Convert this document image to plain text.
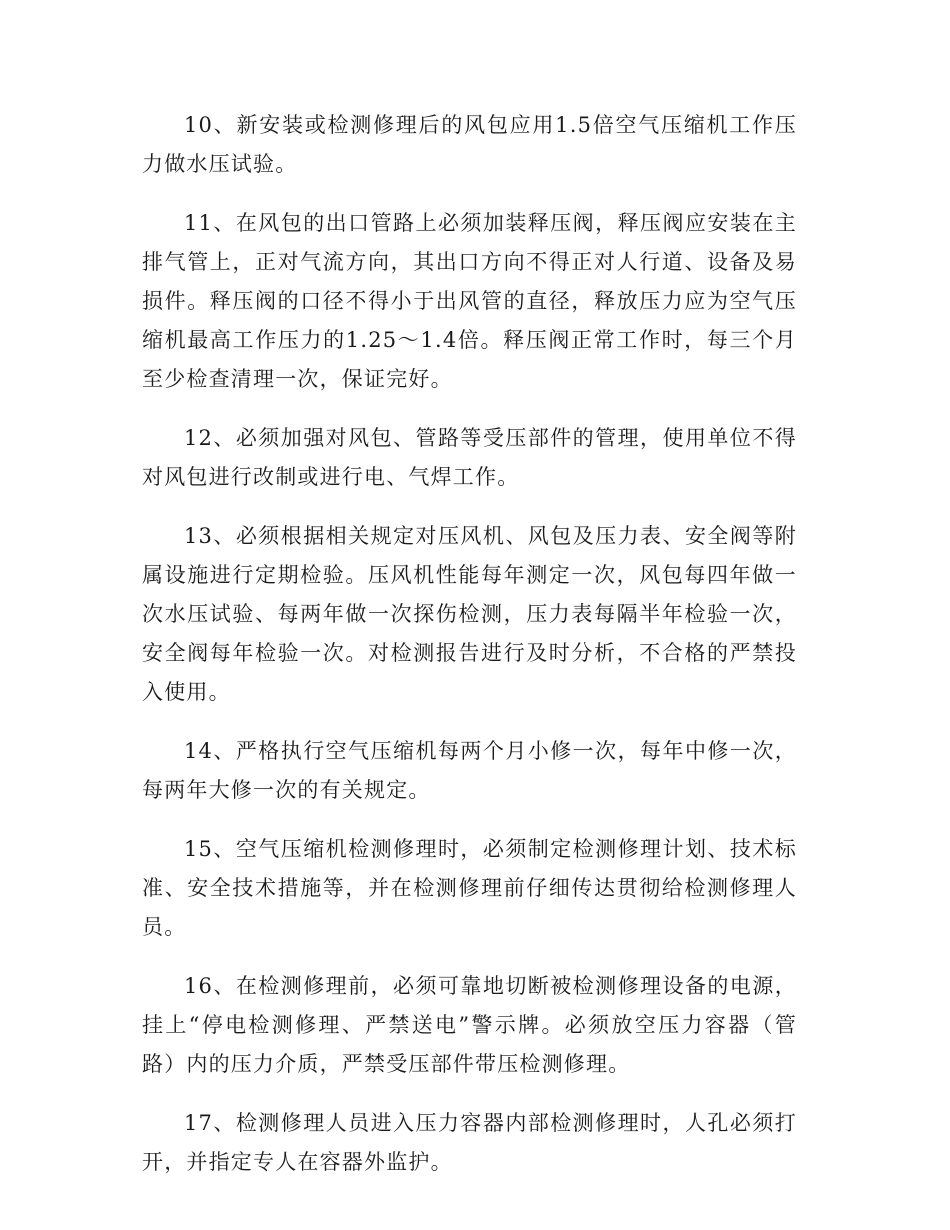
10、新安装或检测修理后的风包应用1.5倍空气压缩机工作压力做水压试验。

11、在风包的出口管路上必须加装释压阀，释压阀应安装在主排气管上，正对气流方向，其出口方向不得正对人行道、设备及易损件。释压阀的口径不得小于出风管的直径，释放压力应为空气压缩机最高工作压力的1.25～1.4倍。释压阀正常工作时，每三个月至少检查清理一次，保证完好。

12、必须加强对风包、管路等受压部件的管理，使用单位不得对风包进行改制或进行电、气焊工作。

13、必须根据相关规定对压风机、风包及压力表、安全阀等附属设施进行定期检验。压风机性能每年测定一次，风包每四年做一次水压试验、每两年做一次探伤检测，压力表每隔半年检验一次，安全阀每年检验一次。对检测报告进行及时分析，不合格的严禁投入使用。

14、严格执行空气压缩机每两个月小修一次，每年中修一次，每两年大修一次的有关规定。

15、空气压缩机检测修理时，必须制定检测修理计划、技术标准、安全技术措施等，并在检测修理前仔细传达贯彻给检测修理人员。

16、在检测修理前，必须可靠地切断被检测修理设备的电源，挂上“停电检测修理、严禁送电”警示牌。必须放空压力容器（管路）内的压力介质，严禁受压部件带压检测修理。

17、检测修理人员进入压力容器内部检测修理时，人孔必须打开，并指定专人在容器外监护。
